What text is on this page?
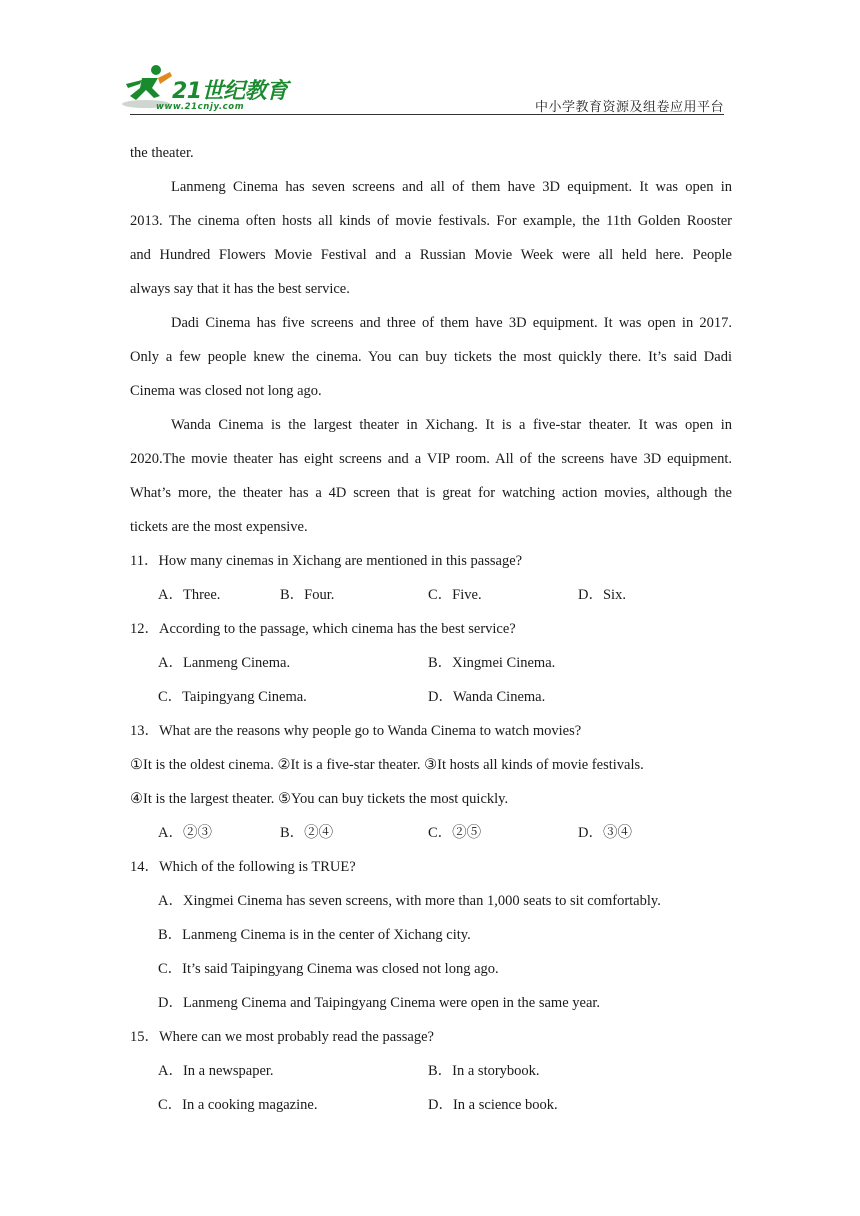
21世纪教育
www.21cnjy.com	中小学教育资源及组卷应用平台
the theater.
Lanmeng Cinema has seven screens and all of them have 3D equipment. It was open in
2013. The cinema often hosts all kinds of movie festivals. For example, the 11th Golden Rooster
and Hundred Flowers Movie Festival and a Russian Movie Week were all held here. People
always say that it has the best service.
Dadi Cinema has five screens and three of them have 3D equipment. It was open in 2017.
Only a few people knew the cinema. You can buy tickets the most quickly there. It’s said Dadi
Cinema was closed not long ago.
Wanda Cinema is the largest theater in Xichang. It is a five-star theater. It was open in
2020.The movie theater has eight screens and a VIP room. All of the screens have 3D equipment.
What’s more, the theater has a 4D screen that is great for watching action movies, although the
tickets are the most expensive.
11．How many cinemas in Xichang are mentioned in this passage?
A．Three.	B．Four.	C．Five.	D．Six.
12．According to the passage, which cinema has the best service?
A．Lanmeng Cinema.	B．Xingmei Cinema.
C．Taipingyang Cinema.	D．Wanda Cinema.
13．What are the reasons why people go to Wanda Cinema to watch movies?
①It is the oldest cinema. ②It is a five-star theater. ③It hosts all kinds of movie festivals.
④It is the largest theater. ⑤You can buy tickets the most quickly.
A．②③	B．②④	C．②⑤	D．③④
14．Which of the following is TRUE?
A．Xingmei Cinema has seven screens, with more than 1,000 seats to sit comfortably.
B．Lanmeng Cinema is in the center of Xichang city.
C．It’s said Taipingyang Cinema was closed not long ago.
D．Lanmeng Cinema and Taipingyang Cinema were open in the same year.
15．Where can we most probably read the passage?
A．In a newspaper.	B．In a storybook.
C．In a cooking magazine.	D．In a science book.
